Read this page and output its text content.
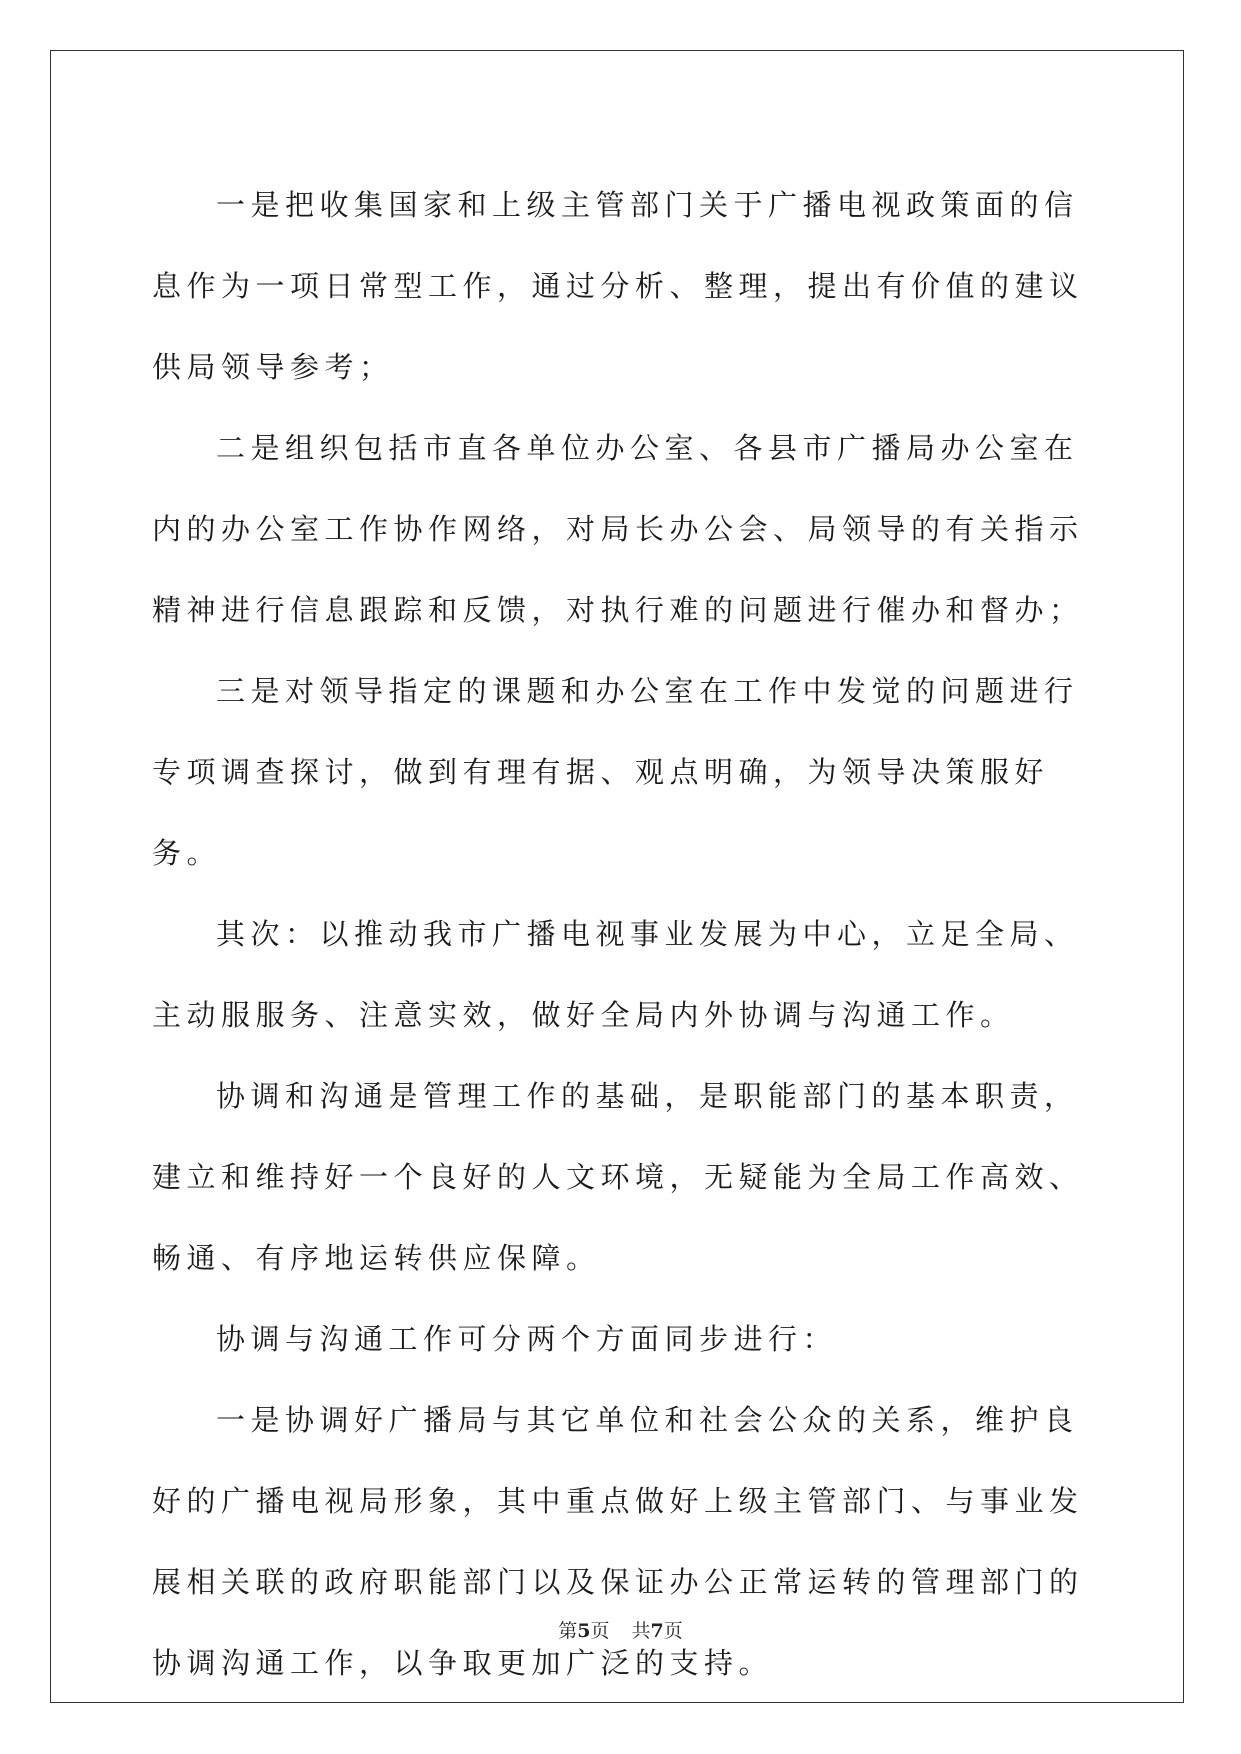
一是把收集国家和上级主管部门关于广播电视政策面的信息作为一项日常型工作，通过分析、整理，提出有价值的建议供局领导参考；

二是组织包括市直各单位办公室、各县市广播局办公室在内的办公室工作协作网络，对局长办公会、局领导的有关指示精神进行信息跟踪和反馈，对执行难的问题进行催办和督办；

三是对领导指定的课题和办公室在工作中发觉的问题进行专项调查探讨，做到有理有据、观点明确，为领导决策服好务。

其次：以推动我市广播电视事业发展为中心，立足全局、主动服服务、注意实效，做好全局内外协调与沟通工作。

协调和沟通是管理工作的基础，是职能部门的基本职责，建立和维持好一个良好的人文环境，无疑能为全局工作高效、畅通、有序地运转供应保障。

协调与沟通工作可分两个方面同步进行：

一是协调好广播局与其它单位和社会公众的关系，维护良好的广播电视局形象，其中重点做好上级主管部门、与事业发展相关联的政府职能部门以及保证办公正常运转的管理部门的协调沟通工作，以争取更加广泛的支持。

第5页 共7页
